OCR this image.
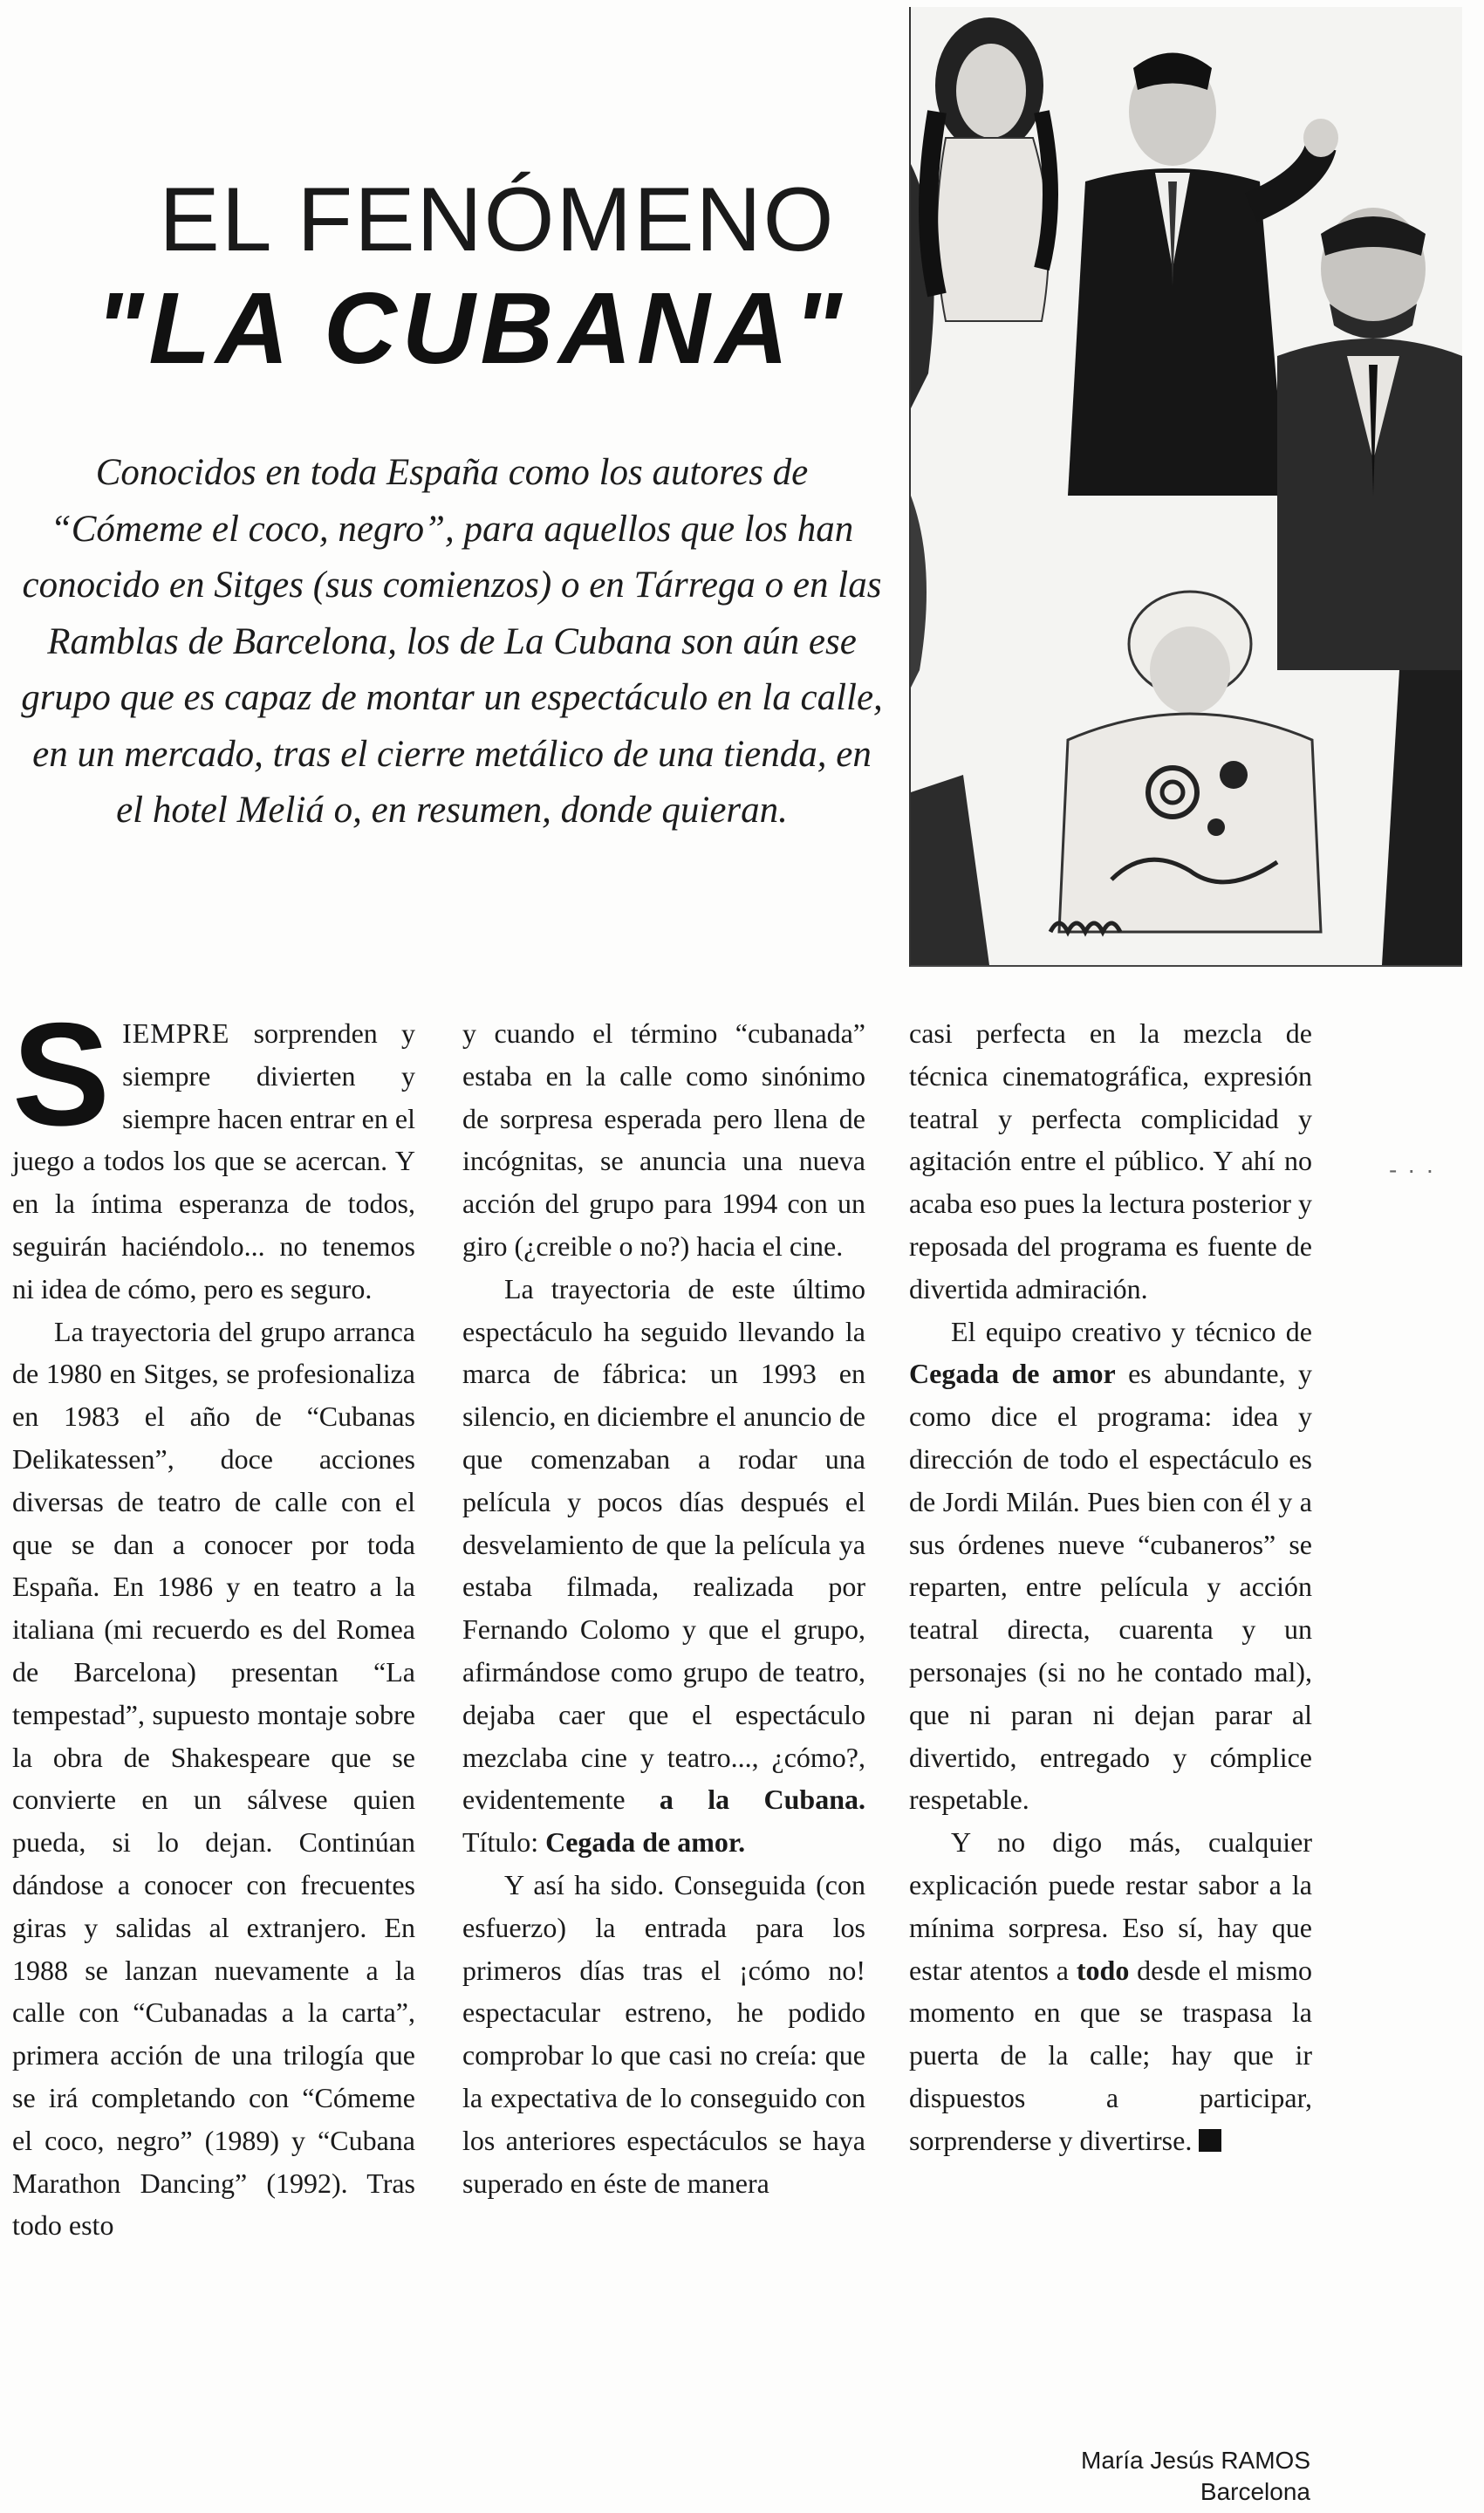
EL FENÓMENO
"LA CUBANA"
Conocidos en toda España como los autores de “Cómeme el coco, negro”, para aquellos que los han conocido en Sitges (sus comienzos) o en Tárrega o en las Ramblas de Barcelona, los de La Cubana son aún ese grupo que es capaz de montar un espectáculo en la calle, en un mercado, tras el cierre metálico de una tienda, en el hotel Meliá o, en resumen, donde quieran.
- · ·

SIEMPRE sorprenden y siempre divierten y siempre hacen entrar en el juego a todos los que se acercan. Y en la íntima esperanza de todos, seguirán haciéndolo... no tenemos ni idea de cómo, pero es seguro.

La trayectoria del grupo arranca de 1980 en Sitges, se profesionaliza en 1983 el año de “Cubanas Delikatessen”, doce acciones diversas de teatro de calle con el que se dan a conocer por toda España. En 1986 y en teatro a la italiana (mi recuerdo es del Romea de Barcelona) presentan “La tempestad”, supuesto montaje sobre la obra de Shakespeare que se convierte en un sálvese quien pueda, si lo dejan. Continúan dándose a conocer con frecuentes giras y salidas al extranjero. En 1988 se lanzan nuevamente a la calle con “Cubanadas a la carta”, primera acción de una trilogía que se irá completando con “Cómeme el coco, negro” (1989) y “Cubana Marathon Dancing” (1992). Tras todo esto

y cuando el término “cubanada” estaba en la calle como sinónimo de sorpresa esperada pero llena de incógnitas, se anuncia una nueva acción del grupo para 1994 con un giro (¿creible o no?) hacia el cine.

La trayectoria de este último espectáculo ha seguido llevando la marca de fábrica: un 1993 en silencio, en diciembre el anuncio de que comenzaban a rodar una película y pocos días después el desvelamiento de que la película ya estaba filmada, realizada por Fernando Colomo y que el grupo, afirmándose como grupo de teatro, dejaba caer que el espectáculo mezclaba cine y teatro..., ¿cómo?, evidentemente a la Cubana. Título: Cegada de amor.

Y así ha sido. Conseguida (con esfuerzo) la entrada para los primeros días tras el ¡cómo no! espectacular estreno, he podido comprobar lo que casi no creía: que la expectativa de lo conseguido con los anteriores espectáculos se haya superado en éste de manera

casi perfecta en la mezcla de técnica cinematográfica, expresión teatral y perfecta complicidad y agitación entre el público. Y ahí no acaba eso pues la lectura posterior y reposada del programa es fuente de divertida admiración.

El equipo creativo y técnico de Cegada de amor es abundante, y como dice el programa: idea y dirección de todo el espectáculo es de Jordi Milán. Pues bien con él y a sus órdenes nueve “cubaneros” se reparten, entre película y acción teatral directa, cuarenta y un personajes (si no he contado mal), que ni paran ni dejan parar al divertido, entregado y cómplice respetable.

Y no digo más, cualquier explicación puede restar sabor a la mínima sorpresa. Eso sí, hay que estar atentos a todo desde el mismo momento en que se traspasa la puerta de la calle; hay que ir dispuestos a participar, sorprenderse y divertirse.

María Jesús RAMOS
Barcelona
